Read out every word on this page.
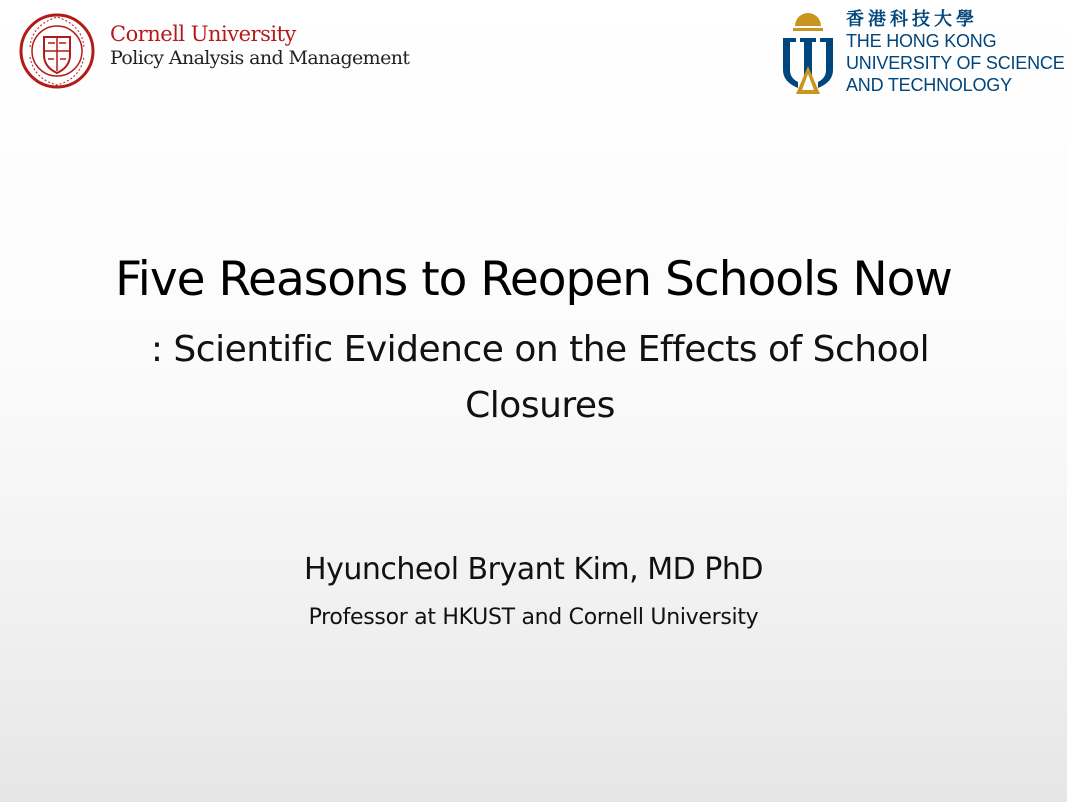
Cornell University
Policy Analysis and Management
香港科技大學
THE HONG KONG
UNIVERSITY OF SCIENCE
AND TECHNOLOGY
Five Reasons to Reopen Schools Now
: Scientific Evidence on the Effects of School Closures
Hyuncheol Bryant Kim, MD PhD
Professor at HKUST and Cornell University
